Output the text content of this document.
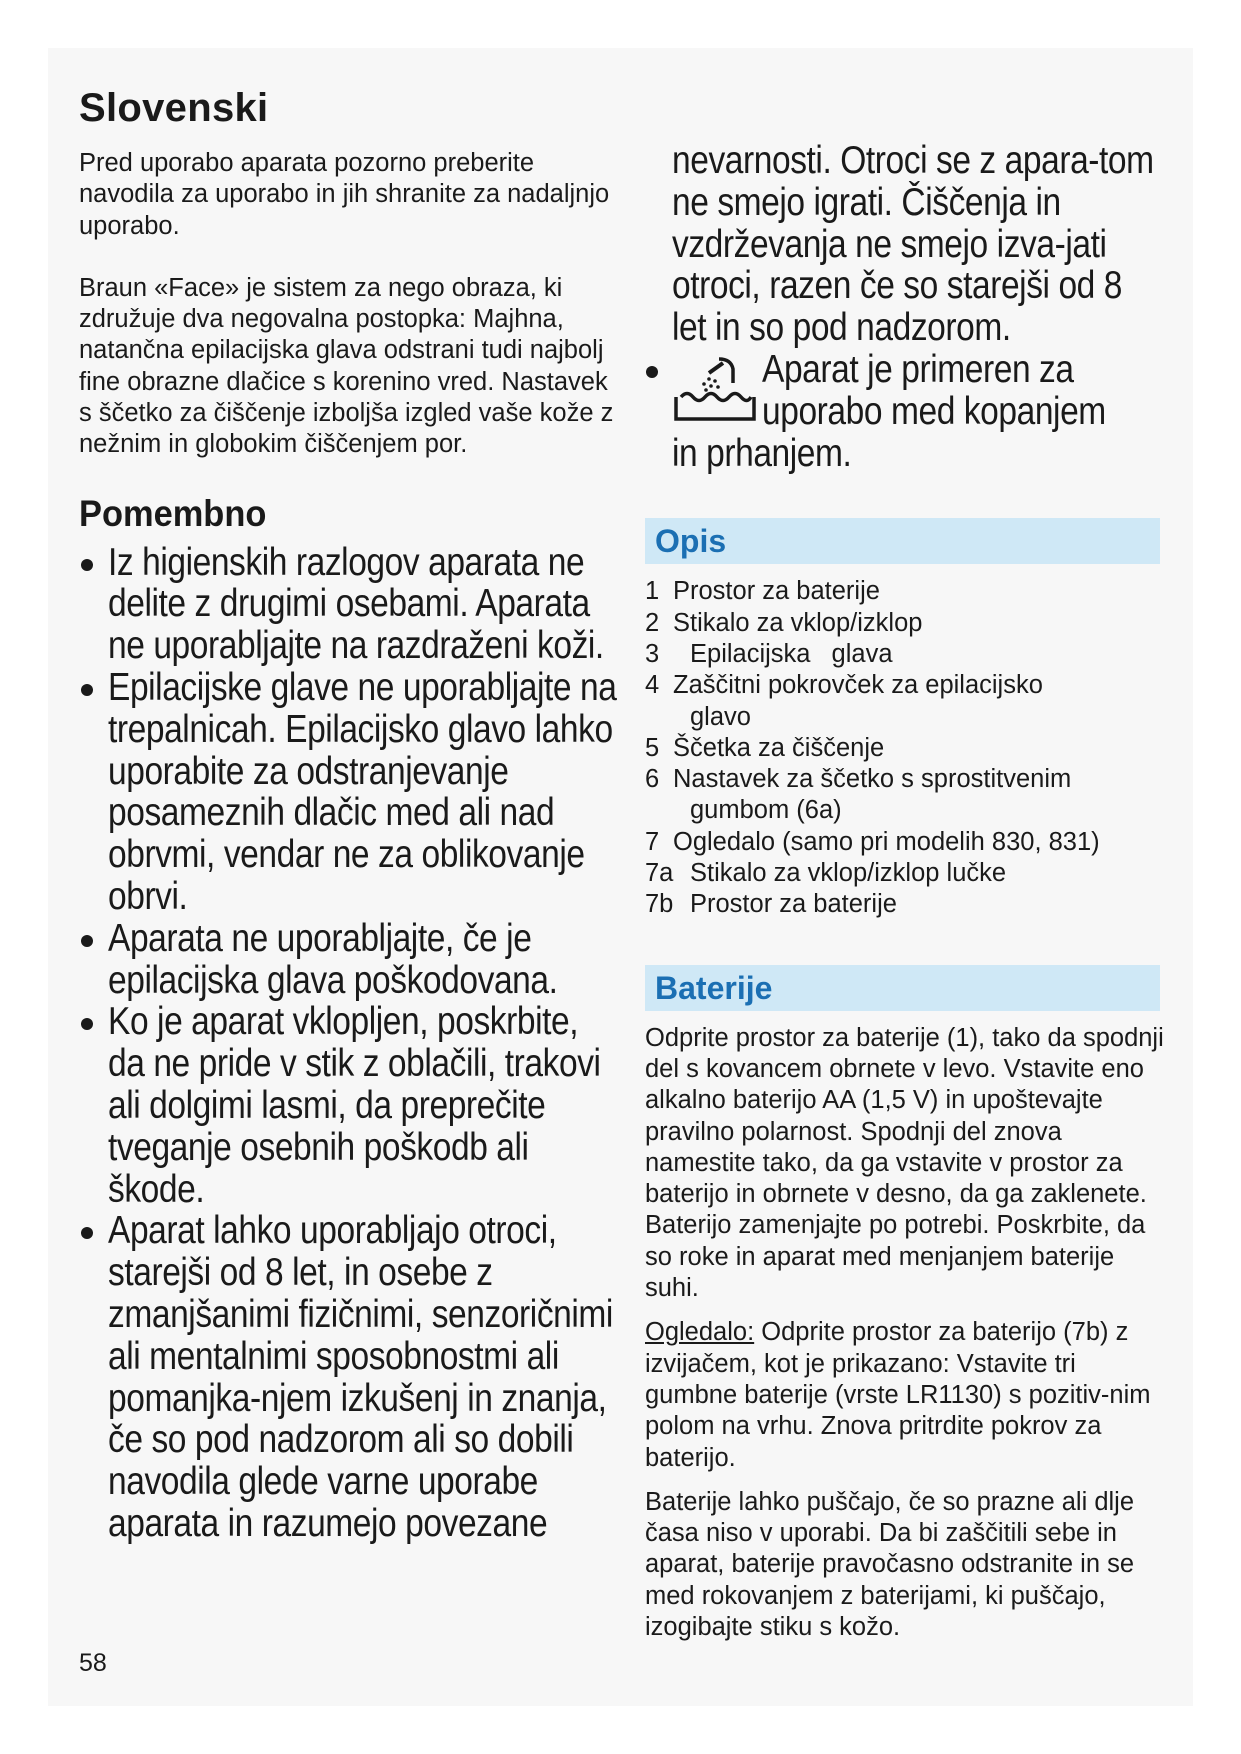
Slovenski

Pred uporabo aparata pozorno preberite navodila za uporabo in jih shranite za nadaljnjo uporabo.

Braun «Face» je sistem za nego obraza, ki združuje dva negovalna postopka: Majhna, natančna epilacijska glava odstrani tudi najbolj fine obrazne dlačice s korenino vred. Nastavek s ščetko za čiščenje izboljša izgled vaše kože z nežnim in globokim čiščenjem por.

Pomembno
Iz higienskih razlogov aparata ne delite z drugimi osebami. Aparata ne uporabljajte na razdraženi koži.
Epilacijske glave ne uporabljajte na trepalnicah. Epilacijsko glavo lahko uporabite za odstranjevanje posameznih dlačic med ali nad obrvmi, vendar ne za oblikovanje obrvi.
Aparata ne uporabljajte, če je epilacijska glava poškodovana.
Ko je aparat vklopljen, poskrbite, da ne pride v stik z oblačili, trakovi ali dolgimi lasmi, da preprečite tveganje osebnih poškodb ali škode.
Aparat lahko uporabljajo otroci, starejši od 8 let, in osebe z zmanjšanimi fizičnimi, senzoričnimi ali mentalnimi sposobnostmi ali pomanjka-njem izkušenj in znanja, če so pod nadzorom ali so dobili navodila glede varne uporabe aparata in razumejo povezane
nevarnosti. Otroci se z apara-tom ne smejo igrati. Čiščenja in vzdrževanja ne smejo izva-jati otroci, razen če so starejši od 8 let in so pod nadzorom.
Aparat je primeren za uporabo med kopanjem
in prhanjem.
Opis
1 Prostor za baterije
2 Stikalo za vklop/izklop
3 Epilacijska glava
4 Zaščitni pokrovček za epilacijsko
glavo
5 Ščetka za čiščenje
6 Nastavek za ščetko s sprostitvenim
gumbom (6a)
7 Ogledalo (samo pri modelih 830, 831)
7a Stikalo za vklop/izklop lučke
7b Prostor za baterije
Baterije

Odprite prostor za baterije (1), tako da spodnji del s kovancem obrnete v levo. Vstavite eno alkalno baterijo AA (1,5 V) in upoštevajte pravilno polarnost. Spodnji del znova namestite tako, da ga vstavite v prostor za baterijo in obrnete v desno, da ga zaklenete. Baterijo zamenjajte po potrebi. Poskrbite, da so roke in aparat med menjanjem baterije suhi.

Ogledalo: Odprite prostor za baterijo (7b) z izvijačem, kot je prikazano: Vstavite tri gumbne baterije (vrste LR1130) s pozitiv-nim polom na vrhu. Znova pritrdite pokrov za baterijo.

Baterije lahko puščajo, če so prazne ali dlje časa niso v uporabi. Da bi zaščitili sebe in aparat, baterije pravočasno odstranite in se med rokovanjem z baterijami, ki puščajo, izogibajte stiku s kožo.

58
